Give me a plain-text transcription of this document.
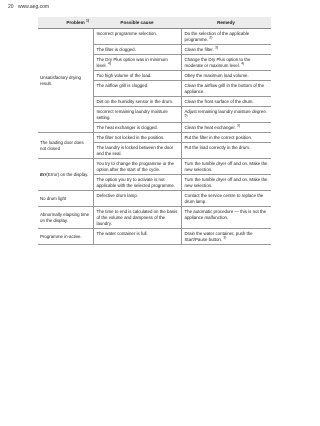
20 www.aeg.com
Problem $^{1)}$	Possible cause	Remedy
Unsatisfactory drying result.	Incorrect programme selection.	Do the selection of the applicable programme. $^{2)}$
	The filter is clogged.	Clean the filter. $^{3)}$
	The Dry Plus option was in minimum level. $^{4)}$	Change the Dry Plus option to the moderate or maximum level. $^{4)}$
	Too high volume of the load.	Obey the maximum load volume.
	The airflow grill is clogged.	Clean the airflow grill in the bottom of the appliance.
	Dirt on the humidity sensor in the drum.	Clean the front surface of the drum.
	Incorrect remaining laundry moisture setting.	Adjust remaining laundry moisture degree. $^{5)}$
	The heat exchanger is clogged.	Clean the heat exchanger. $^{3)}$
The loading door does not closed	The filter not locked in the position.	Put the filter in the correct position.
	The laundry is locked between the door and the seal.	Put the load correctly in the drum.
Err(Error) on the display.	You try to change the programme or the option after the start of the cycle.	Turn the tumble dryer off and on. Make the new selection.
	The option you try to activate is not applicable with the selected programme.	Turn the tumble dryer off and on. Make the new selection.
No drum light	Defective drum lamp.	Contact the service centre to replace the drum lamp.
Abnormally elapsing time on the display.	The time to end is calculated on the basis of the volume and dampness of the laundry.	The automatic procedure — this is not the appliance malfunction.
Programme in-active.	The water container is full.	Drain the water container, push the Start/Pause button. $^{3)}$
